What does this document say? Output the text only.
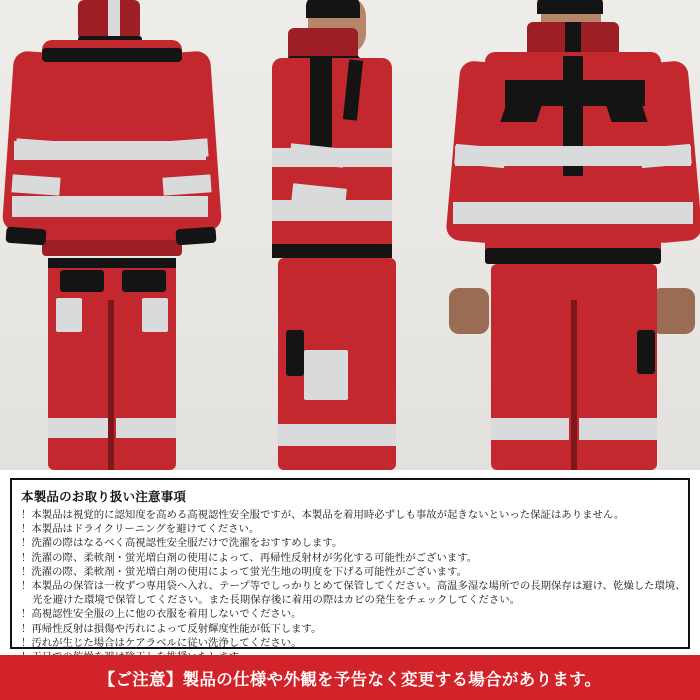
本製品のお取り扱い注意事項
！本製品は視覚的に認知度を高める高視認性安全服ですが、本製品を着用時必ずしも事故が起きないといった保証はありません。
！本製品はドライクリーニングを避けてください。
！洗濯の際はなるべく高視認性安全服だけで洗濯をおすすめします。
！洗濯の際、柔軟剤・蛍光増白剤の使用によって、再帰性反射材が劣化する可能性がございます。
！洗濯の際、柔軟剤・蛍光増白剤の使用によって蛍光生地の明度を下げる可能性がございます。
！本製品の保管は一枚ずつ専用袋へ入れ、テープ等でしっかりとめて保管してください。高温多湿な場所での長期保存は避け、乾燥した環境、
光を避けた環境で保管してください。また長期保存後に着用の際はカビの発生をチェックしてください。
！高視認性安全服の上に他の衣服を着用しないでください。
！再帰性反射は損傷や汚れによって反射輝度性能が低下します。
！汚れが生じた場合はケアラベルに従い洗浄してください。
【ご注意】製品の仕様や外観を予告なく変更する場合があります。
